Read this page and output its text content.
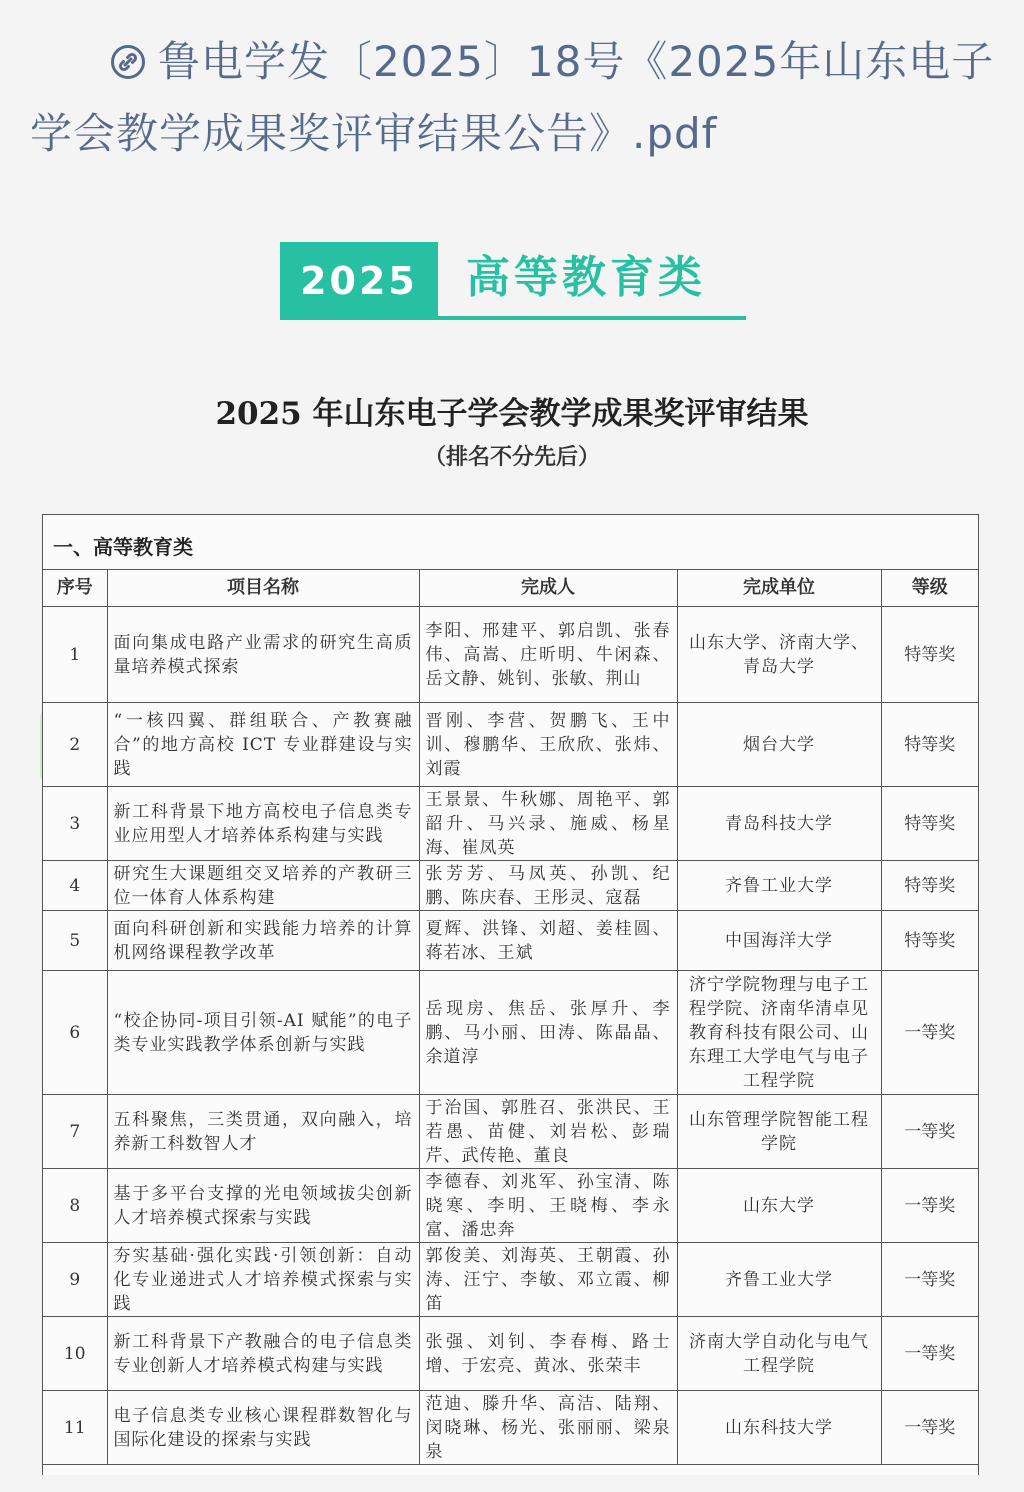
鲁电学发〔2025〕18号《2025年山东电子学会教学成果奖评审结果公告》.pdf
2025	高等教育类
2025 年山东电子学会教学成果奖评审结果
（排名不分先后）
一、高等教育类
序号	项目名称	完成人	完成单位	等级
1	面向集成电路产业需求的研究生高质量培养模式探索	李阳、邢建平、郭启凯、张春伟、高嵩、庄昕明、牛闲森、岳文静、姚钊、张敏、荆山	山东大学、济南大学、青岛大学	特等奖
2	“一核四翼、群组联合、产教赛融合”的地方高校 ICT 专业群建设与实践	晋刚、李营、贺鹏飞、王中训、穆鹏华、王欣欣、张炜、刘霞	烟台大学	特等奖
3	新工科背景下地方高校电子信息类专业应用型人才培养体系构建与实践	王景景、牛秋娜、周艳平、郭韶升、马兴录、施威、杨星海、崔凤英	青岛科技大学	特等奖
4	研究生大课题组交叉培养的产教研三位一体育人体系构建	张芳芳、马凤英、孙凯、纪鹏、陈庆春、王彤灵、寇磊	齐鲁工业大学	特等奖
5	面向科研创新和实践能力培养的计算机网络课程教学改革	夏辉、洪锋、刘超、姜桂圆、蒋若冰、王斌	中国海洋大学	特等奖
6	“校企协同-项目引领-AI 赋能”的电子类专业实践教学体系创新与实践	岳现房、焦岳、张厚升、李鹏、马小丽、田涛、陈晶晶、余道淳	济宁学院物理与电子工程学院、济南华清卓见教育科技有限公司、山东理工大学电气与电子工程学院	一等奖
7	五科聚焦，三类贯通，双向融入，培养新工科数智人才	于治国、郭胜召、张洪民、王若愚、苗健、刘岩松、彭瑞芹、武传艳、董良	山东管理学院智能工程学院	一等奖
8	基于多平台支撑的光电领域拔尖创新人才培养模式探索与实践	李德春、刘兆军、孙宝清、陈晓寒、李明、王晓梅、李永富、潘忠奔	山东大学	一等奖
9	夯实基础·强化实践·引领创新：自动化专业递进式人才培养模式探索与实践	郭俊美、刘海英、王朝霞、孙涛、汪宁、李敏、邓立霞、柳笛	齐鲁工业大学	一等奖
10	新工科背景下产教融合的电子信息类专业创新人才培养模式构建与实践	张强、刘钊、李春梅、路士增、于宏亮、黄冰、张荣丰	济南大学自动化与电气工程学院	一等奖
11	电子信息类专业核心课程群数智化与国际化建设的探索与实践	范迪、滕升华、高洁、陆翔、闵晓琳、杨光、张丽丽、梁泉泉	山东科技大学	一等奖
